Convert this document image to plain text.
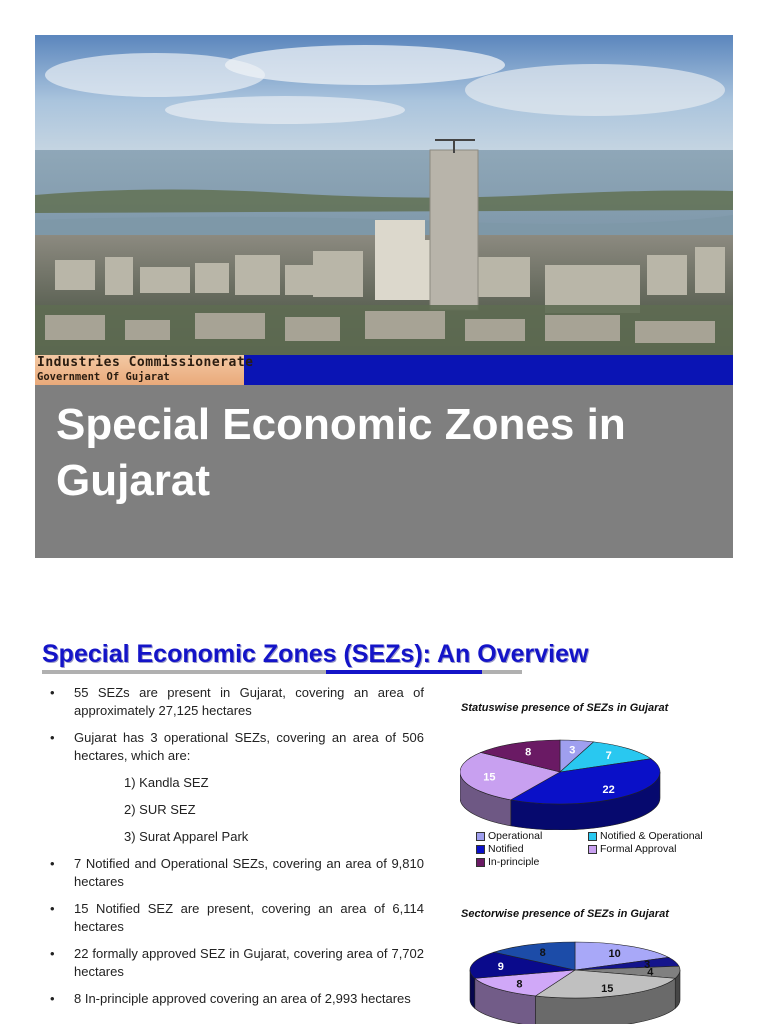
Industries Commissionerate
Government Of Gujarat
Special Economic Zones in Gujarat
Special Economic Zones (SEZs): An Overview
• 55 SEZs are present in Gujarat, covering an area of approximately 27,125 hectares
• Gujarat has 3 operational SEZs, covering an area of 506 hectares, which are:
1) Kandla SEZ
2) SUR SEZ
3) Surat Apparel Park
• 7 Notified and Operational SEZs, covering an area of 9,810 hectares
• 15 Notified SEZ are present, covering an area of 6,114 hectares
• 22 formally approved SEZ in Gujarat, covering area of 7,702 hectares
• 8 In-principle approved covering an area of 2,993 hectares
Statuswise presence of SEZs in Gujarat
3	7
22
15
8
Operational	Notified & Operational
Notified	Formal Approval
In-principle
Sectorwise presence of SEZs in Gujarat
10
3
4
15
8
9
8
